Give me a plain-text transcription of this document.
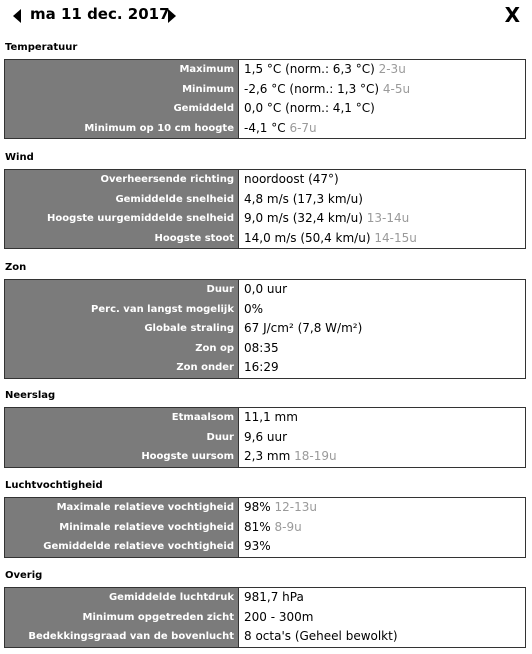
ma 11 dec. 2017	X
Temperatuur
Maximum 1,5 °C (norm.: 6,3 °C) 2-3u
Minimum -2,6 °C (norm.: 1,3 °C) 4-5u
Gemiddeld 0,0 °C (norm.: 4,1 °C)
Minimum op 10 cm hoogte -4,1 °C 6-7u
Wind
Overheersende richting noordoost (47°)
Gemiddelde snelheid 4,8 m/s (17,3 km/u)
Hoogste uurgemiddelde snelheid 9,0 m/s (32,4 km/u) 13-14u
Hoogste stoot 14,0 m/s (50,4 km/u) 14-15u
Zon
Duur 0,0 uur
Perc. van langst mogelijk 0%
Globale straling 67 J/cm² (7,8 W/m²)
Zon op 08:35
Zon onder 16:29
Neerslag
Etmaalsom 11,1 mm
Duur 9,6 uur
Hoogste uursom 2,3 mm 18-19u
Luchtvochtigheid
Maximale relatieve vochtigheid 98% 12-13u
Minimale relatieve vochtigheid 81% 8-9u
Gemiddelde relatieve vochtigheid 93%
Overig
Gemiddelde luchtdruk 981,7 hPa
Minimum opgetreden zicht 200 - 300m
Bedekkingsgraad van de bovenlucht 8 octa's (Geheel bewolkt)
